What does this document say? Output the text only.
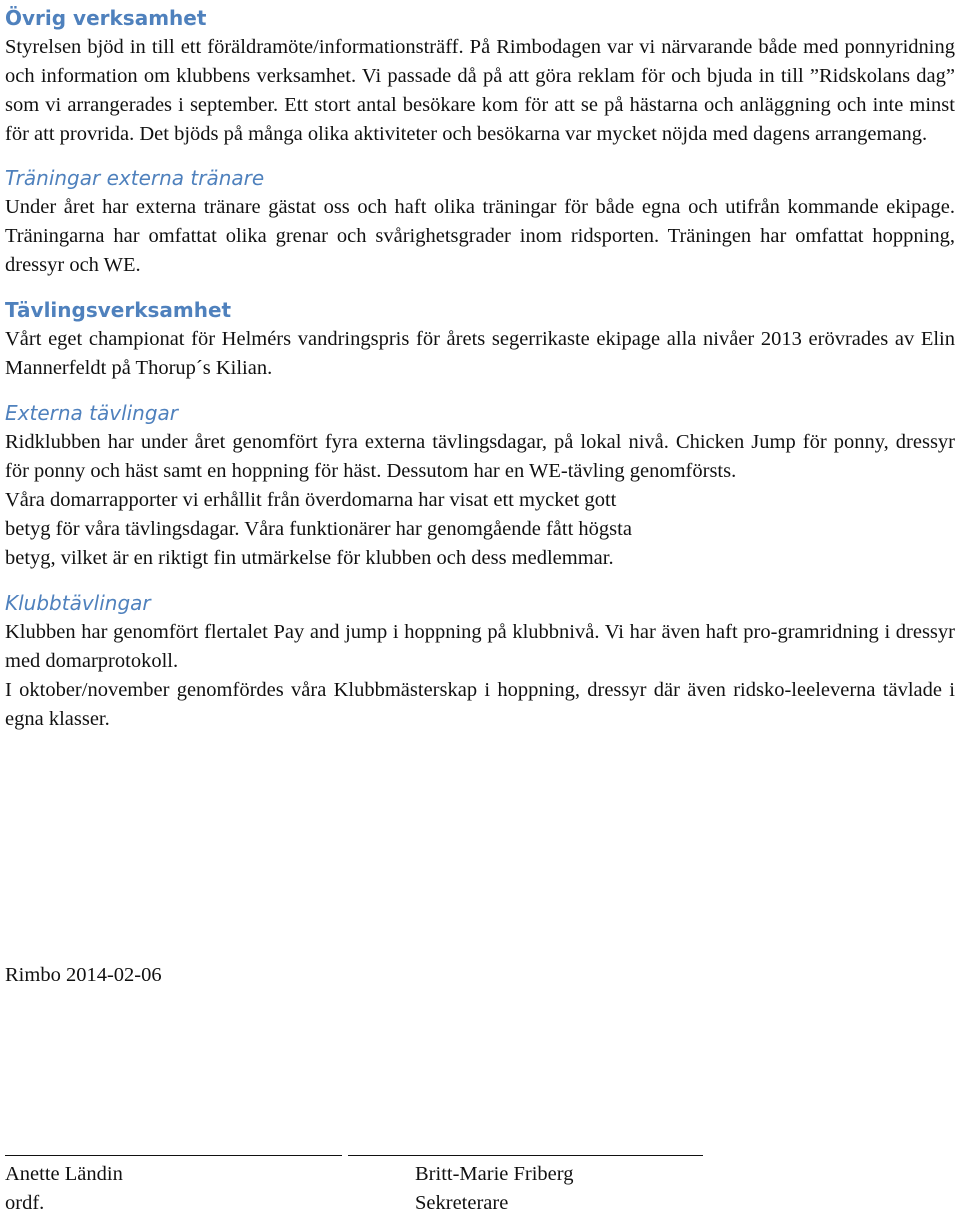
Övrig verksamhet

Styrelsen bjöd in till ett föräldramöte/informationsträff. På Rimbodagen var vi närvarande både med ponnyridning och information om klubbens verksamhet. Vi passade då på att göra reklam för och bjuda in till ”Ridskolans dag” som vi arrangerades i september. Ett stort antal besökare kom för att se på hästarna och anläggning och inte minst för att provrida. Det bjöds på många olika aktiviteter och besökarna var mycket nöjda med dagens arrangemang.

Träningar externa tränare

Under året har externa tränare gästat oss och haft olika träningar för både egna och utifrån kommande ekipage. Träningarna har omfattat olika grenar och svårighetsgrader inom ridsporten. Träningen har omfattat hoppning, dressyr och WE.

Tävlingsverksamhet

Vårt eget championat för Helmérs vandringspris för årets segerrikaste ekipage alla nivåer 2013 erövrades av Elin Mannerfeldt på Thorup´s Kilian.

Externa tävlingar

Ridklubben har under året genomfört fyra externa tävlingsdagar, på lokal nivå. Chicken Jump för ponny, dressyr för ponny och häst samt en hoppning för häst. Dessutom har en WE-tävling genomförsts.

Våra domarrapporter vi erhållit från överdomarna har visat ett mycket gott

betyg för våra tävlingsdagar. Våra funktionärer har genomgående fått högsta

betyg, vilket är en riktigt fin utmärkelse för klubben och dess medlemmar.

Klubbtävlingar

Klubben har genomfört flertalet Pay and jump i hoppning på klubbnivå. Vi har även haft pro-gramridning i dressyr med domarprotokoll.

I oktober/november genomfördes våra Klubbmästerskap i hoppning, dressyr där även ridsko-leeleverna tävlade i egna klasser.

Rimbo 2014-02-06
Anette Ländin
ordf.
Britt-Marie Friberg
Sekreterare
